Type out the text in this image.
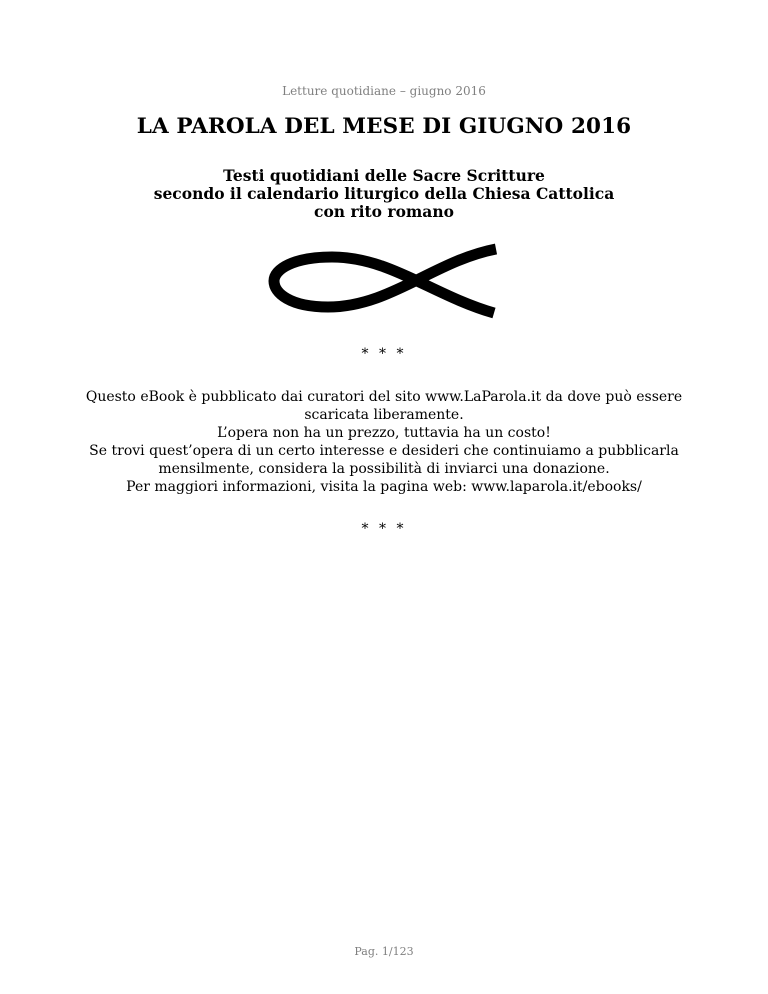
Letture quotidiane – giugno 2016
LA PAROLA DEL MESE DI GIUGNO 2016
Testi quotidiani delle Sacre Scritture
secondo il calendario liturgico della Chiesa Cattolica
con rito romano
* * *
Questo eBook è pubblicato dai curatori del sito www.LaParola.it da dove può essere
scaricata liberamente.
L’opera non ha un prezzo, tuttavia ha un costo!
Se trovi quest’opera di un certo interesse e desideri che continuiamo a pubblicarla
mensilmente, considera la possibilità di inviarci una donazione.
Per maggiori informazioni, visita la pagina web: www.laparola.it/ebooks/
* * *
Pag. 1/123
